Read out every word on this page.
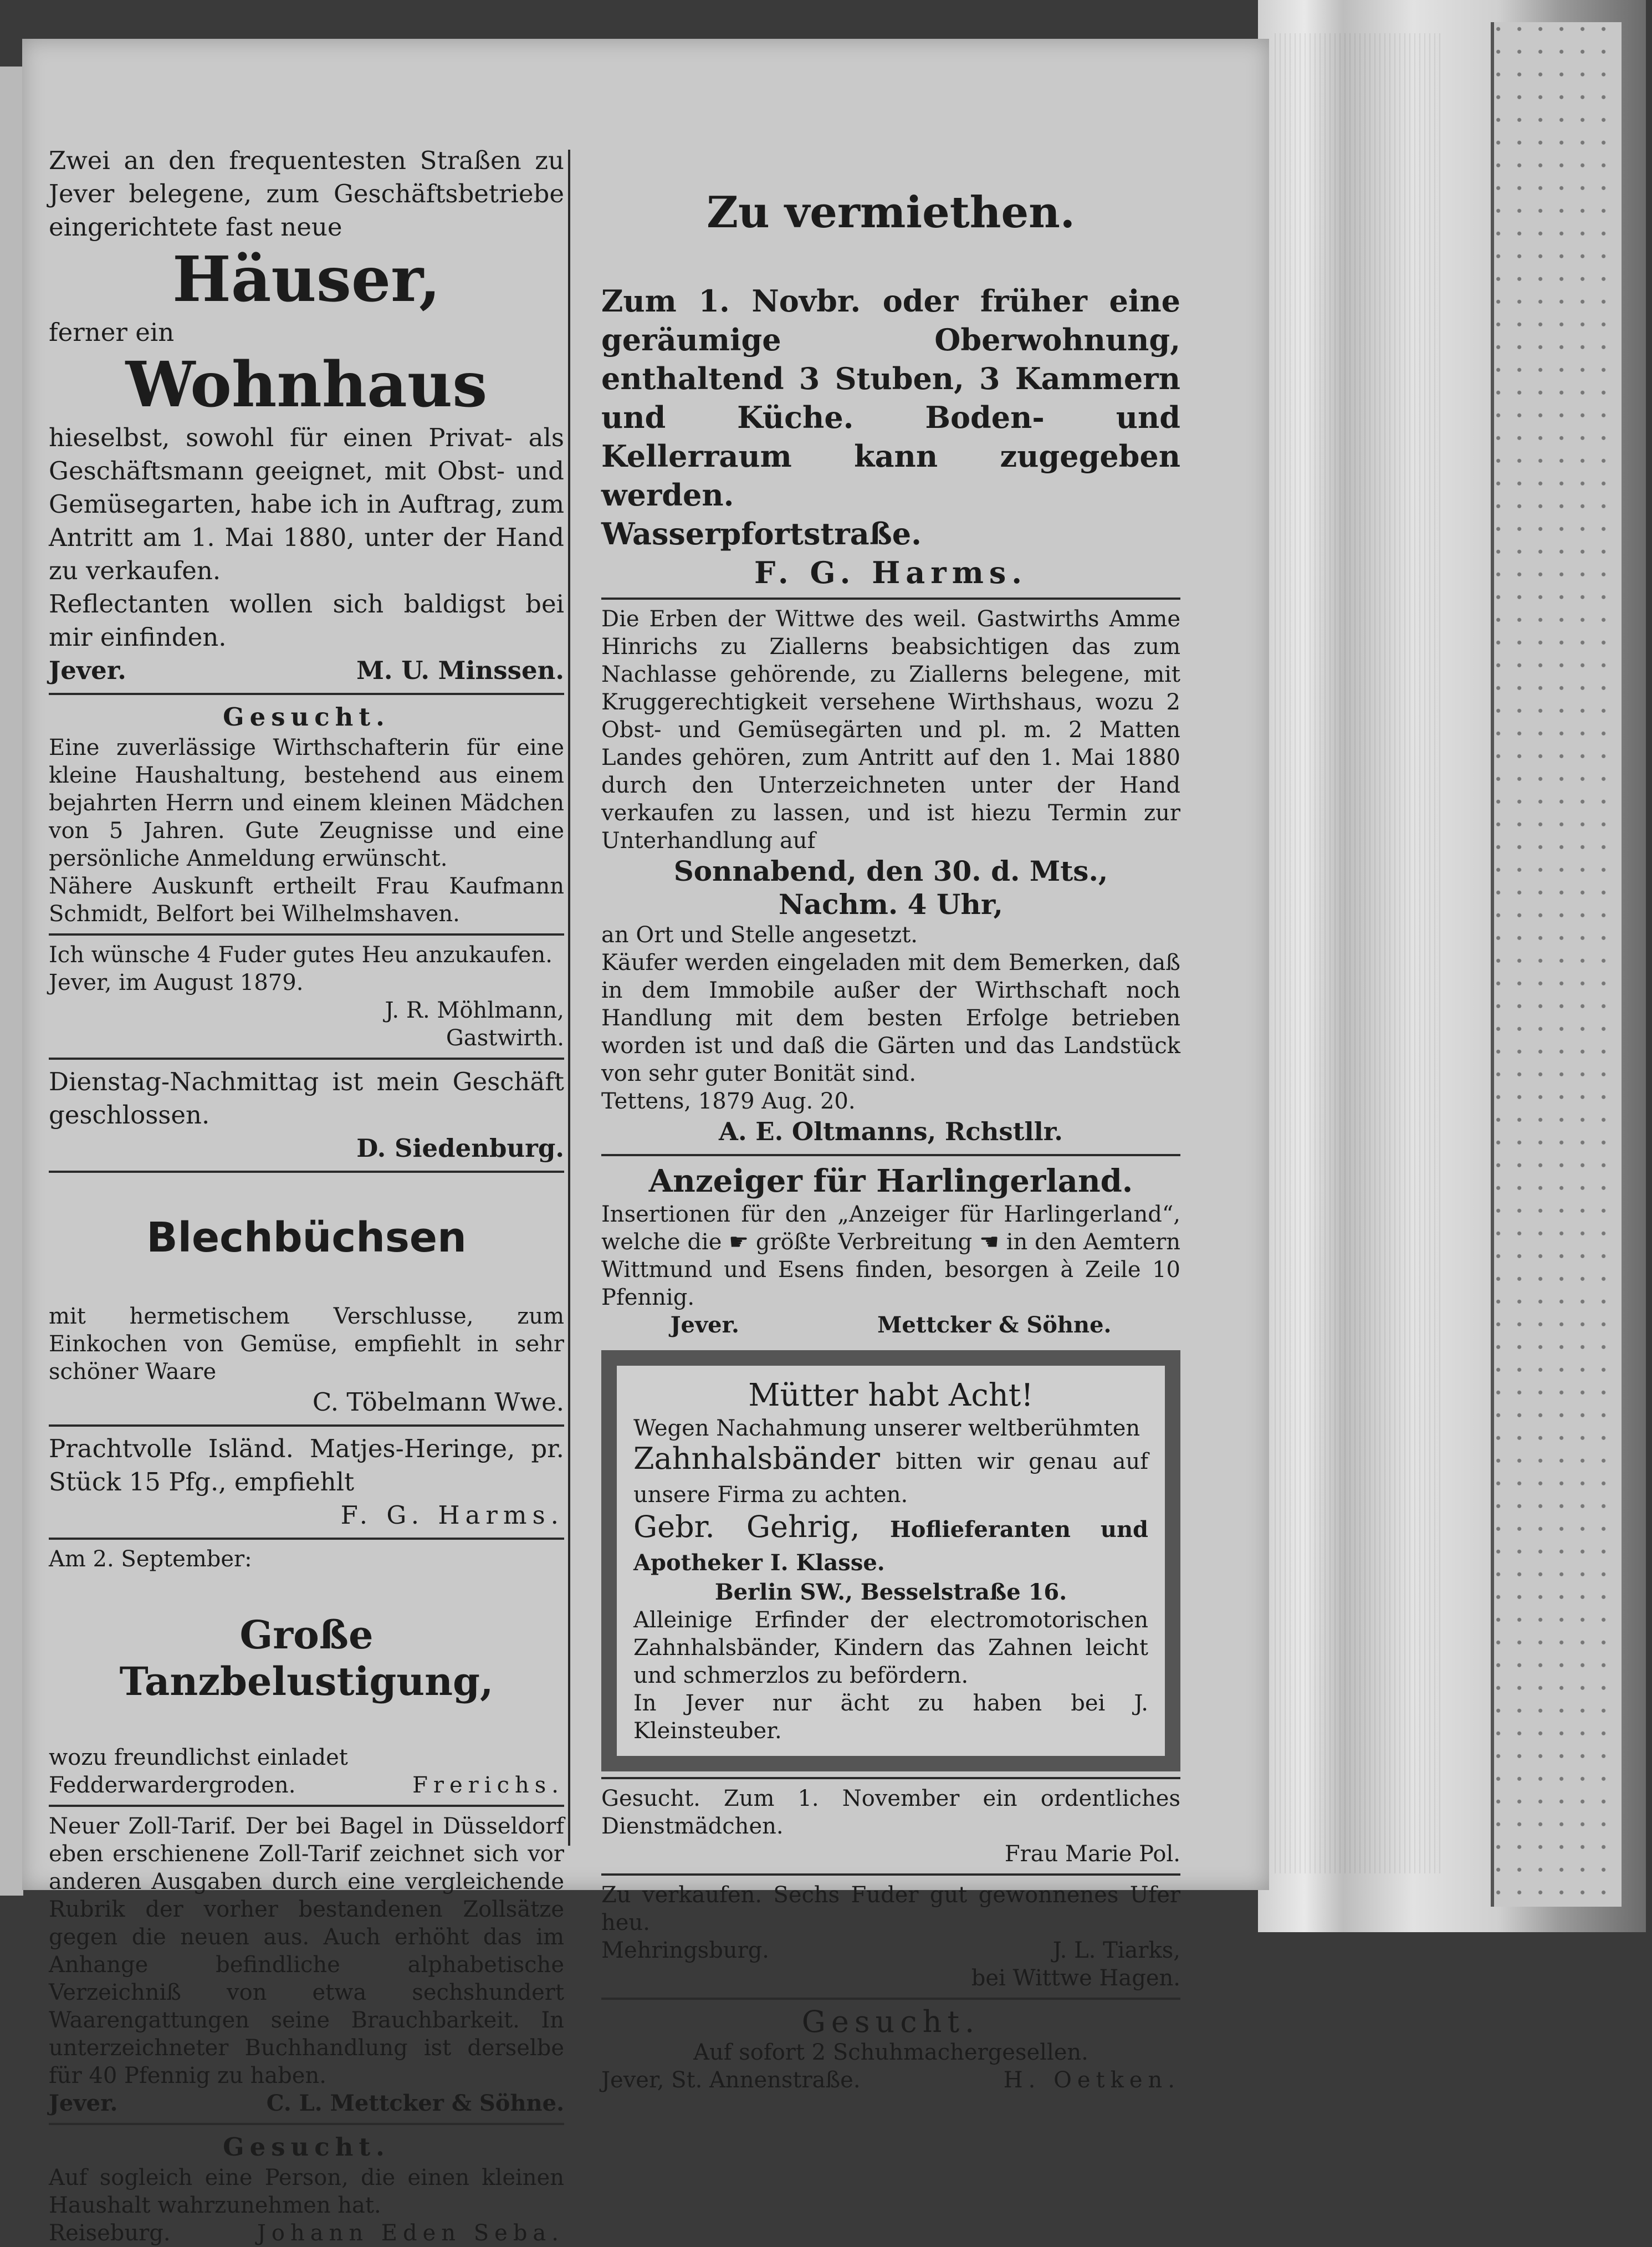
Zwei an den frequentesten Straßen zu Jever belegene, zum Geschäftsbetriebe eingerichtete fast neue

Häuser,

ferner ein

Wohnhaus

hieselbst, sowohl für einen Privat- als Geschäftsmann geeignet, mit Obst- und Gemüsegarten, habe ich in Auftrag, zum Antritt am 1. Mai 1880, unter der Hand zu verkaufen.

Reflectanten wollen sich baldigst bei mir einfinden.

Jever.	M. U. Minssen.

Gesucht.

Eine zuverlässige Wirthschafterin für eine kleine Haushaltung, bestehend aus einem bejahrten Herrn und einem kleinen Mädchen von 5 Jahren. Gute Zeugnisse und eine persönliche Anmeldung erwünscht.

Nähere Auskunft ertheilt Frau Kaufmann Schmidt, Belfort bei Wilhelmshaven.

Ich wünsche 4 Fuder gutes Heu anzukaufen.

Jever, im August 1879.

J. R. Möhlmann,

Gastwirth.

Dienstag-Nachmittag ist mein Geschäft geschlossen.

D. Siedenburg.

Blechbüchsen

mit hermetischem Verschlusse, zum Einkochen von Gemüse, empfiehlt in sehr schöner Waare

C. Töbelmann Wwe.

Prachtvolle Isländ. Matjes-Heringe, pr. Stück 15 Pfg., empfiehlt

F. G. Harms.

Am 2. September:

Große Tanzbelustigung,

wozu freundlichst einladet

Fedderwardergroden.	Frerichs.

Neuer Zoll-Tarif. Der bei Bagel in Düsseldorf eben erschienene Zoll-Tarif zeichnet sich vor anderen Ausgaben durch eine vergleichende Rubrik der vorher bestandenen Zollsätze gegen die neuen aus. Auch erhöht das im Anhange befindliche alphabetische Verzeichniß von etwa sechshundert Waarengattungen seine Brauchbarkeit. In unterzeichneter Buchhandlung ist derselbe für 40 Pfennig zu haben.

Jever.	C. L. Mettcker & Söhne.

Gesucht.

Auf sogleich eine Person, die einen kleinen Haushalt wahrzunehmen hat.

Reiseburg.	Johann Eden Seba.

Zu vermiethen.

Zum 1. Novbr. oder früher eine geräumige Oberwohnung, enthaltend 3 Stuben, 3 Kammern und Küche. Boden- und Kellerraum kann zugegeben werden.

Wasserpfortstraße.

F. G. Harms.

Die Erben der Wittwe des weil. Gastwirths Amme Hinrichs zu Ziallerns beabsichtigen das zum Nachlasse gehörende, zu Ziallerns belegene, mit Kruggerechtigkeit versehene Wirthshaus, wozu 2 Obst- und Gemüsegärten und pl. m. 2 Matten Landes gehören, zum Antritt auf den 1. Mai 1880 durch den Unterzeichneten unter der Hand verkaufen zu lassen, und ist hiezu Termin zur Unterhandlung auf

Sonnabend, den 30. d. Mts.,

Nachm. 4 Uhr,

an Ort und Stelle angesetzt.

Käufer werden eingeladen mit dem Bemerken, daß in dem Immobile außer der Wirthschaft noch Handlung mit dem besten Erfolge betrieben worden ist und daß die Gärten und das Landstück von sehr guter Bonität sind.

Tettens, 1879 Aug. 20.

A. E. Oltmanns, Rchstllr.

Anzeiger für Harlingerland.

Insertionen für den „Anzeiger für Harlingerland“, welche die ☛ größte Verbreitung ☚ in den Aemtern Wittmund und Esens finden, besorgen à Zeile 10 Pfennig.

Jever.	Mettcker & Söhne.

Mütter habt Acht!

Wegen Nachahmung unserer weltberühmten

Zahnhalsbänder bitten wir genau auf unsere Firma zu achten.

Gebr. Gehrig, Hoflieferanten und Apotheker I. Klasse.

Berlin SW., Besselstraße 16.

Alleinige Erfinder der electromotorischen Zahnhalsbänder, Kindern das Zahnen leicht und schmerzlos zu befördern.

In Jever nur ächt zu haben bei J. Kleinsteuber.

Gesucht. Zum 1. November ein ordentliches Dienstmädchen.

Frau Marie Pol.

Zu verkaufen. Sechs Fuder gut gewonnenes Ufer heu.

Mehringsburg.	J. L. Tiarks,

bei Wittwe Hagen.

Gesucht.

Auf sofort 2 Schuhmachergesellen.

Jever, St. Annenstraße.	H. Oetken.
